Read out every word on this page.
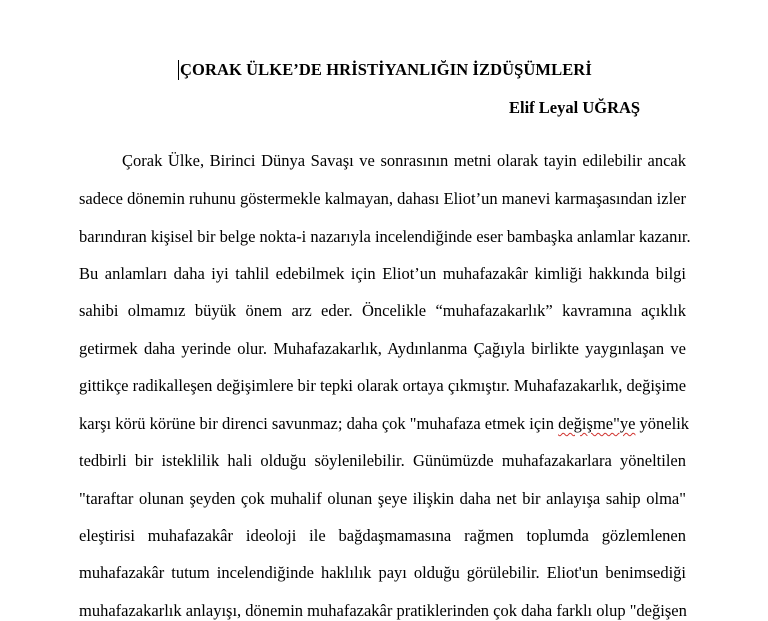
ÇORAK ÜLKE’DE HRİSTİYANLIĞIN İZDÜŞÜMLERİ
Elif Leyal UĞRAŞ
Çorak Ülke, Birinci Dünya Savaşı ve sonrasının metni olarak tayin edilebilir ancak
sadece dönemin ruhunu göstermekle kalmayan, dahası Eliot’un manevi karmaşasından izler
barındıran kişisel bir belge nokta-i nazarıyla incelendiğinde eser bambaşka anlamlar kazanır.
Bu anlamları daha iyi tahlil edebilmek için Eliot’un muhafazakâr kimliği hakkında bilgi
sahibi olmamız büyük önem arz eder. Öncelikle “muhafazakarlık” kavramına açıklık
getirmek daha yerinde olur. Muhafazakarlık, Aydınlanma Çağıyla birlikte yaygınlaşan ve
gittikçe radikalleşen değişimlere bir tepki olarak ortaya çıkmıştır. Muhafazakarlık, değişime
karşı körü körüne bir direnci savunmaz; daha çok "muhafaza etmek için değişme"ye yönelik
tedbirli bir isteklilik hali olduğu söylenilebilir. Günümüzde muhafazakarlara yöneltilen
"taraftar olunan şeyden çok muhalif olunan şeye ilişkin daha net bir anlayışa sahip olma"
eleştirisi muhafazakâr ideoloji ile bağdaşmamasına rağmen toplumda gözlemlenen
muhafazakâr tutum incelendiğinde haklılık payı olduğu görülebilir. Eliot'un benimsediği
muhafazakarlık anlayışı, dönemin muhafazakâr pratiklerinden çok daha farklı olup "değişen
